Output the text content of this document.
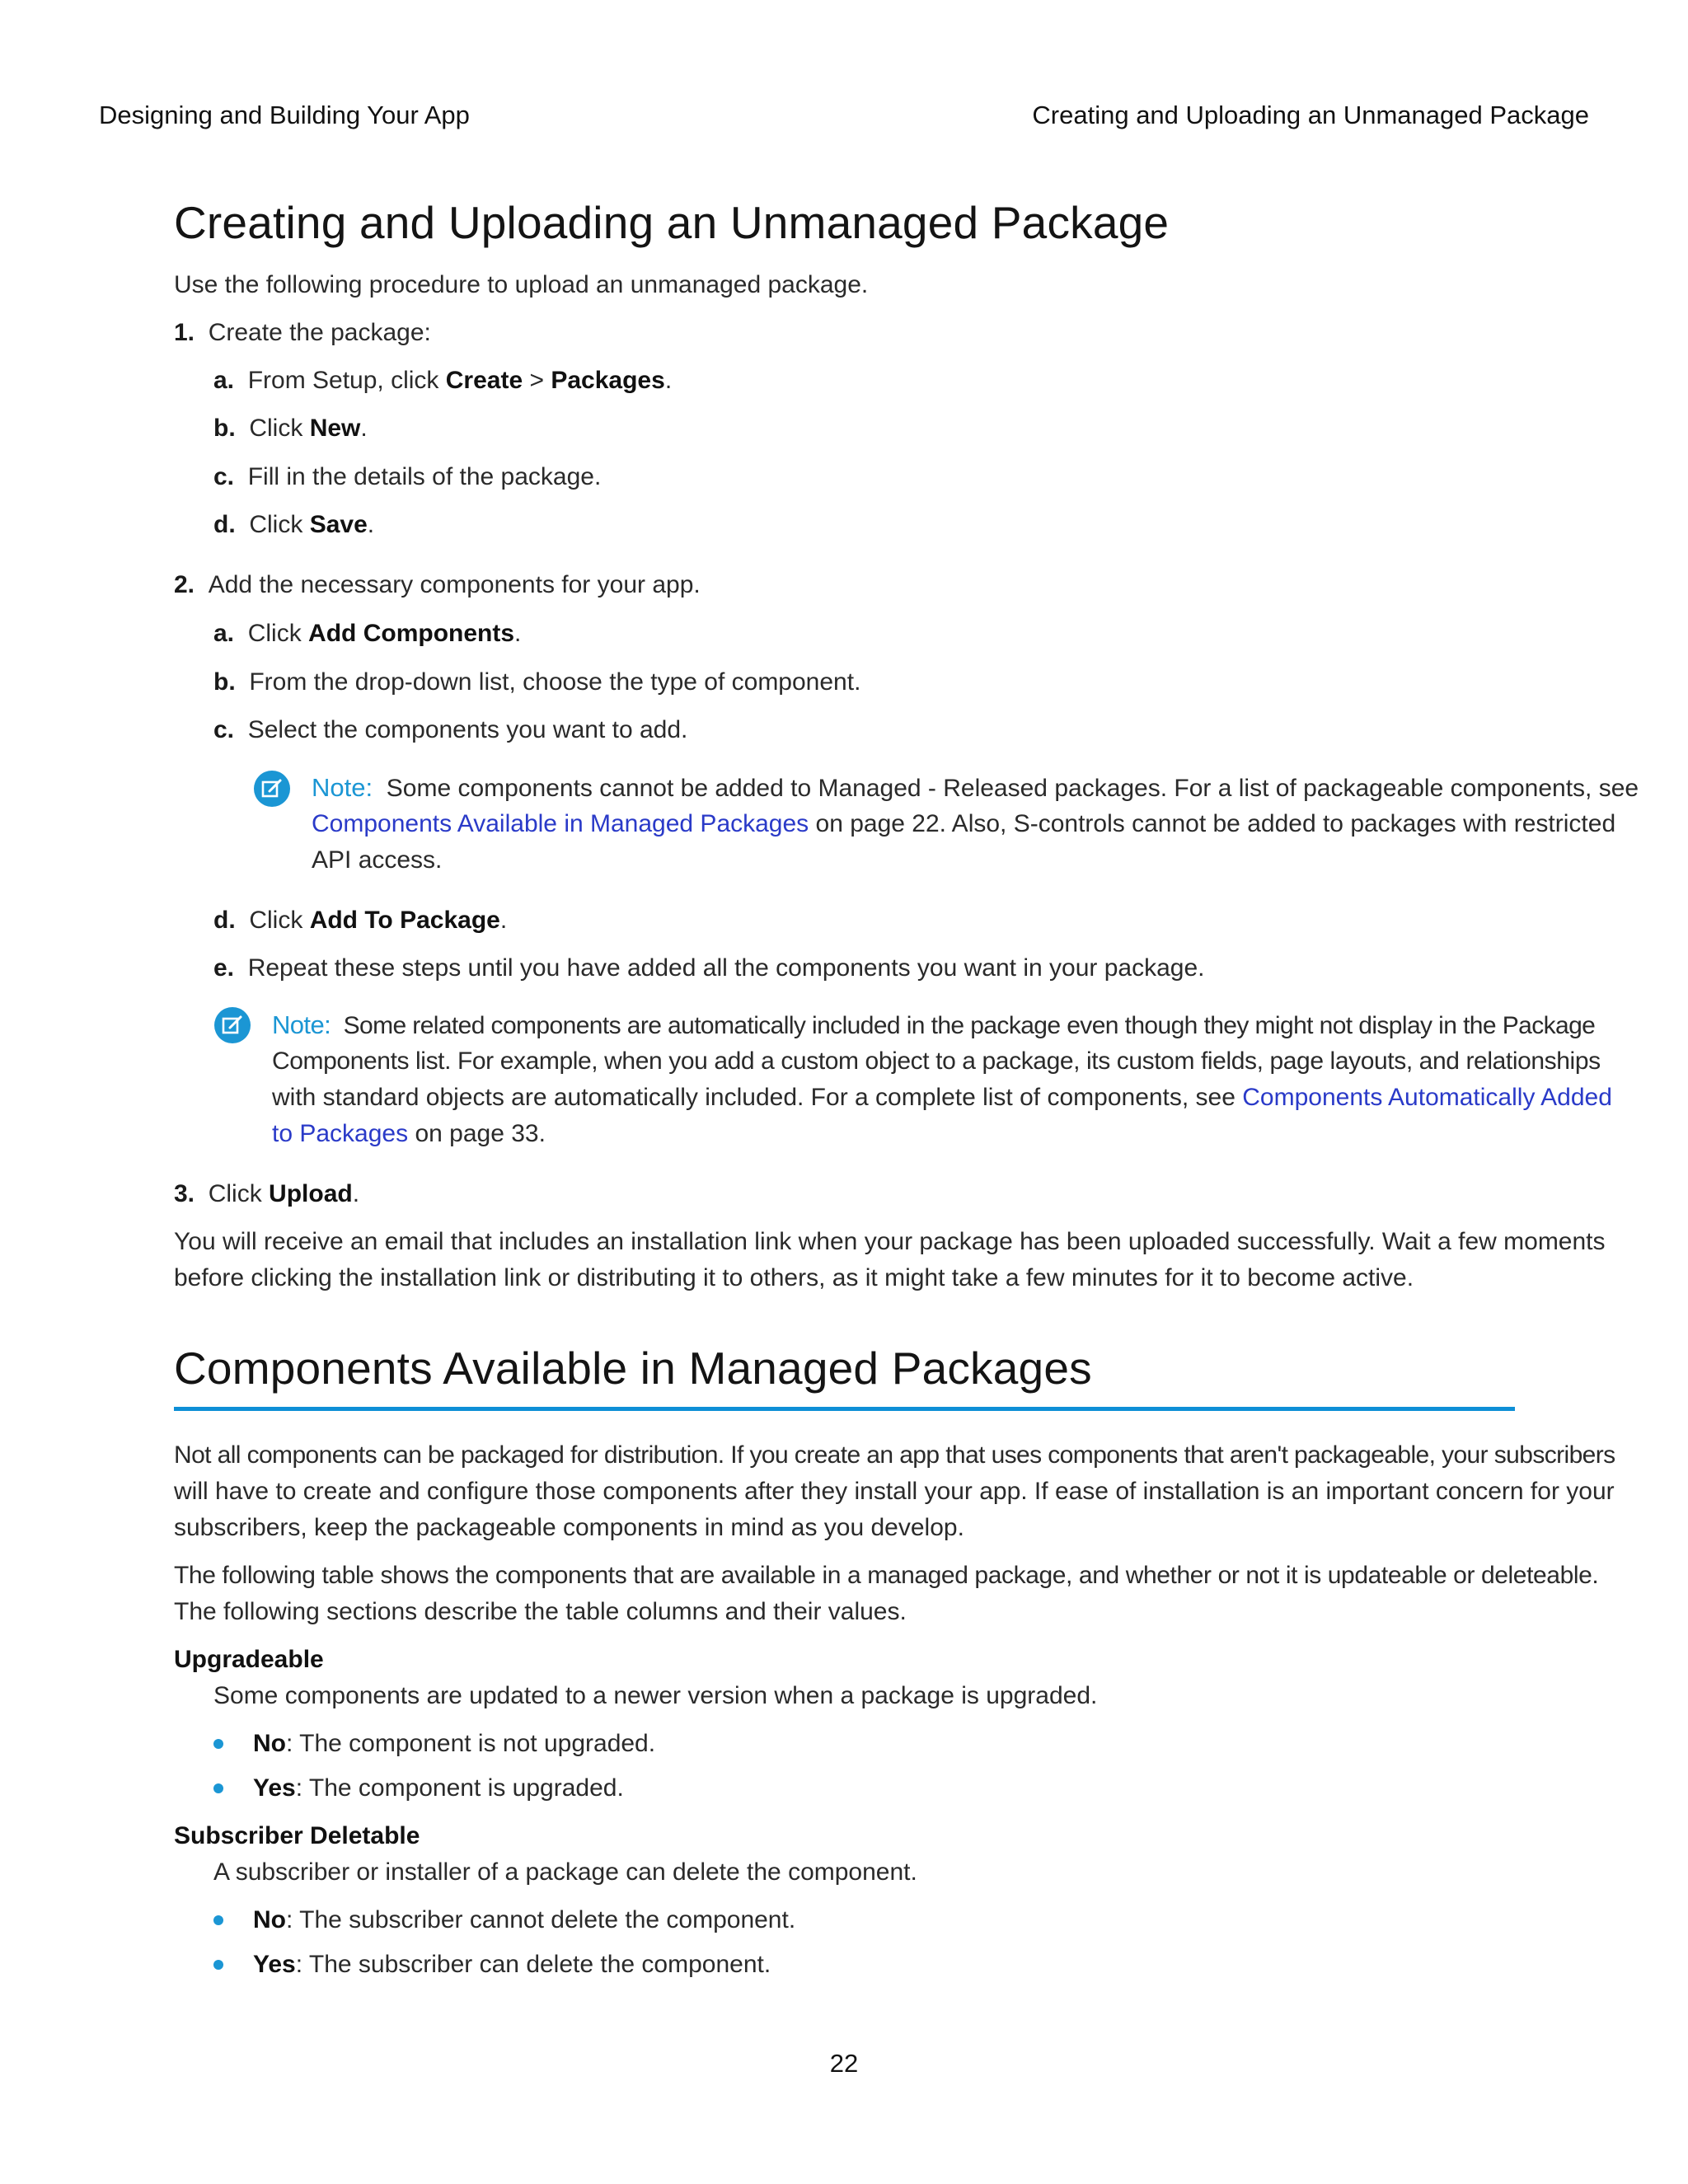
Designing and Building Your App	Creating and Uploading an Unmanaged Package
Creating and Uploading an Unmanaged Package
Use the following procedure to upload an unmanaged package.
1. Create the package:
a. From Setup, click Create > Packages.
b. Click New.
c. Fill in the details of the package.
d. Click Save.
2. Add the necessary components for your app.
a. Click Add Components.
b. From the drop-down list, choose the type of component.
c. Select the components you want to add.
Note: Some components cannot be added to Managed - Released packages. For a list of packageable components, see
Components Available in Managed Packages on page 22. Also, S-controls cannot be added to packages with restricted
API access.
d. Click Add To Package.
e. Repeat these steps until you have added all the components you want in your package.
Note: Some related components are automatically included in the package even though they might not display in the Package
Components list. For example, when you add a custom object to a package, its custom fields, page layouts, and relationships
with standard objects are automatically included. For a complete list of components, see Components Automatically Added
to Packages on page 33.
3. Click Upload.
You will receive an email that includes an installation link when your package has been uploaded successfully. Wait a few moments
before clicking the installation link or distributing it to others, as it might take a few minutes for it to become active.
Components Available in Managed Packages
Not all components can be packaged for distribution. If you create an app that uses components that aren't packageable, your subscribers
will have to create and configure those components after they install your app. If ease of installation is an important concern for your
subscribers, keep the packageable components in mind as you develop.
The following table shows the components that are available in a managed package, and whether or not it is updateable or deleteable.
The following sections describe the table columns and their values.
Upgradeable
Some components are updated to a newer version when a package is upgraded.
No: The component is not upgraded.
Yes: The component is upgraded.
Subscriber Deletable
A subscriber or installer of a package can delete the component.
No: The subscriber cannot delete the component.
Yes: The subscriber can delete the component.
22
